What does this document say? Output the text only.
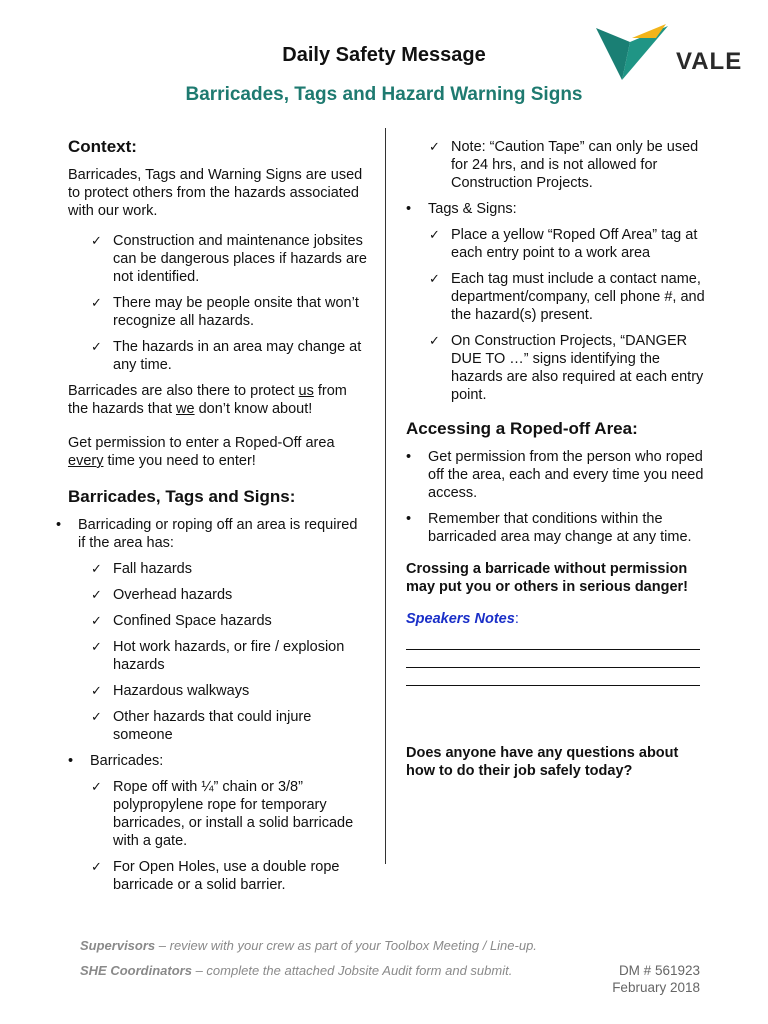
Daily Safety Message
Barricades, Tags and Hazard Warning Signs
VALE
Context:

Barricades, Tags and Warning Signs are used to protect others from the hazards associated with our work.

✓ Construction and maintenance jobsites can be dangerous places if hazards are not identified.
✓ There may be people onsite that won’t recognize all hazards.
✓ The hazards in an area may change at any time.

Barricades are also there to protect us from the hazards that we don’t know about!

Get permission to enter a Roped-Off area every time you need to enter!

Barricades, Tags and Signs:
• Barricading or roping off an area is required if the area has:
✓ Fall hazards
✓ Overhead hazards
✓ Confined Space hazards
✓ Hot work hazards, or fire / explosion hazards
✓ Hazardous walkways
✓ Other hazards that could injure someone
• Barricades:
✓ Rope off with ¼” chain or 3/8” polypropylene rope for temporary barricades, or install a solid barricade with a gate.
✓ For Open Holes, use a double rope barricade or a solid barrier.
✓ Note: “Caution Tape” can only be used for 24 hrs, and is not allowed for Construction Projects.
• Tags & Signs:
✓ Place a yellow “Roped Off Area” tag at each entry point to a work area
✓ Each tag must include a contact name, department/company, cell phone #, and the hazard(s) present.
✓ On Construction Projects, “DANGER DUE TO …” signs identifying the hazards are also required at each entry point.
Accessing a Roped-off Area:
• Get permission from the person who roped off the area, each and every time you need access.
• Remember that conditions within the barricaded area may change at any time.

Crossing a barricade without permission may put you or others in serious danger!

Speakers Notes:

Does anyone have any questions about how to do their job safely today?

Supervisors – review with your crew as part of your Toolbox Meeting / Line-up.
SHE Coordinators – complete the attached Jobsite Audit form and submit.	DM # 561923
February 2018
